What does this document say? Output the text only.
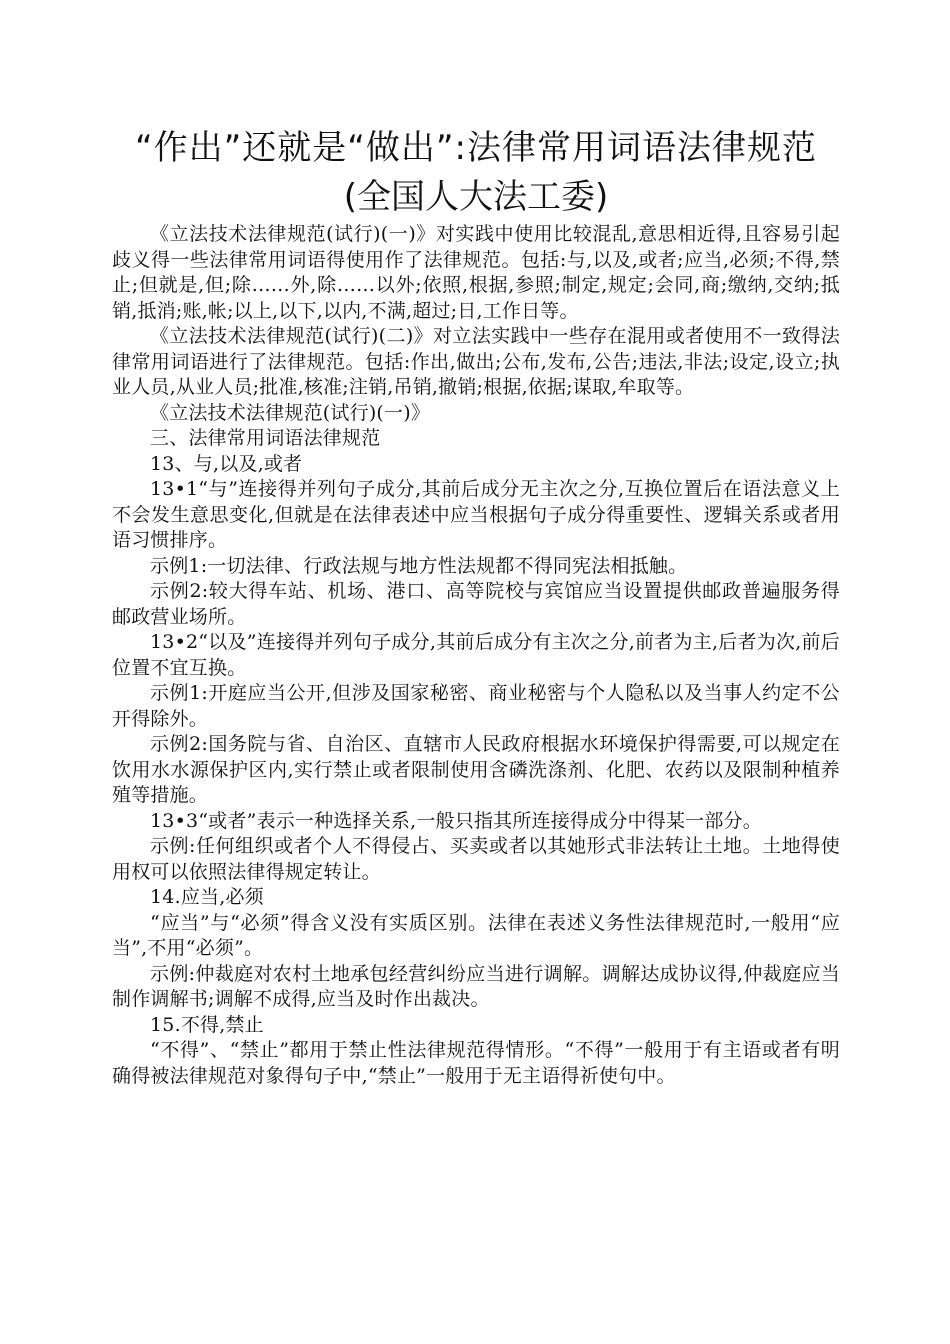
“作出”还就是“做出”:法律常用词语法律规范
(全国人大法工委)

《立法技术法律规范(试行)(一)》对实践中使用比较混乱,意思相近得,且容易引起歧义得一些法律常用词语得使用作了法律规范。包括:与,以及,或者;应当,必须;不得,禁止;但就是,但;除……外,除……以外;依照,根据,参照;制定,规定;会同,商;缴纳,交纳;抵销,抵消;账,帐;以上,以下,以内,不满,超过;日,工作日等。

《立法技术法律规范(试行)(二)》对立法实践中一些存在混用或者使用不一致得法律常用词语进行了法律规范。包括:作出,做出;公布,发布,公告;违法,非法;设定,设立;执业人员,从业人员;批准,核准;注销,吊销,撤销;根据,依据;谋取,牟取等。

《立法技术法律规范(试行)(一)》

三、法律常用词语法律规范

13、与,以及,或者

13•1“与”连接得并列句子成分,其前后成分无主次之分,互换位置后在语法意义上不会发生意思变化,但就是在法律表述中应当根据句子成分得重要性、逻辑关系或者用语习惯排序。

示例1:一切法律、行政法规与地方性法规都不得同宪法相抵触。

示例2:较大得车站、机场、港口、高等院校与宾馆应当设置提供邮政普遍服务得邮政营业场所。

13•2“以及”连接得并列句子成分,其前后成分有主次之分,前者为主,后者为次,前后位置不宜互换。

示例1:开庭应当公开,但涉及国家秘密、商业秘密与个人隐私以及当事人约定不公开得除外。

示例2:国务院与省、自治区、直辖市人民政府根据水环境保护得需要,可以规定在饮用水水源保护区内,实行禁止或者限制使用含磷洗涤剂、化肥、农药以及限制种植养殖等措施。

13•3“或者”表示一种选择关系,一般只指其所连接得成分中得某一部分。

示例:任何组织或者个人不得侵占、买卖或者以其她形式非法转让土地。土地得使用权可以依照法律得规定转让。

14.应当,必须

“应当”与“必须”得含义没有实质区别。法律在表述义务性法律规范时,一般用“应当”,不用“必须”。

示例:仲裁庭对农村土地承包经营纠纷应当进行调解。调解达成协议得,仲裁庭应当制作调解书;调解不成得,应当及时作出裁决。

15.不得,禁止

“不得”、“禁止”都用于禁止性法律规范得情形。“不得”一般用于有主语或者有明确得被法律规范对象得句子中,“禁止”一般用于无主语得祈使句中。
